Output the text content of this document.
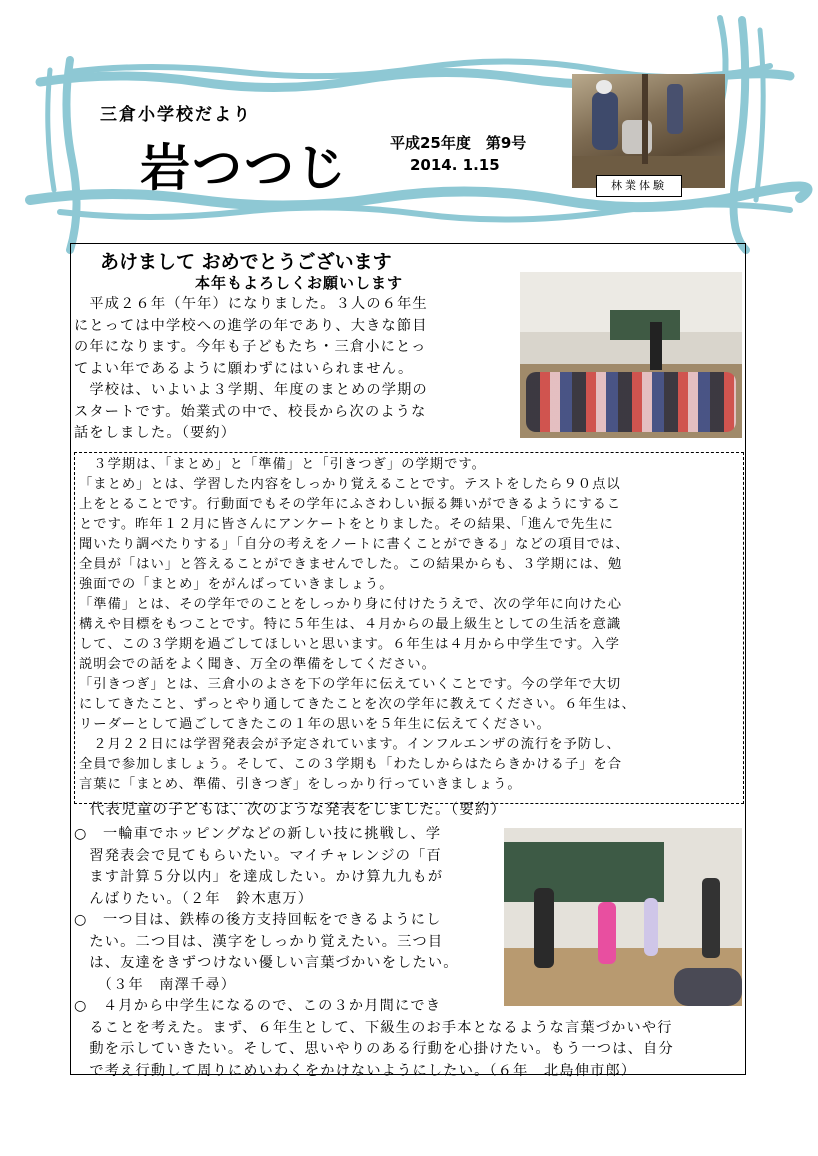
三倉小学校だより
岩つつじ	平成25年度　第9号
2014. 1.15
林業体験
あけまして おめでとうございます
本年もよろしくお願いします

　平成２６年（午年）になりました。３人の６年生

にとっては中学校への進学の年であり、大きな節目

の年になります。今年も子どもたち・三倉小にとっ

てよい年であるように願わずにはいられません。

　学校は、いよいよ３学期、年度のまとめの学期の

スタートです。始業式の中で、校長から次のような

話をしました。（要約）

　３学期は、「まとめ」と「準備」と「引きつぎ」の学期です。

「まとめ」とは、学習した内容をしっかり覚えることです。テストをしたら９０点以

上をとることです。行動面でもその学年にふさわしい振る舞いができるようにするこ

とです。昨年１２月に皆さんにアンケートをとりました。その結果、「進んで先生に

聞いたり調べたりする」「自分の考えをノートに書くことができる」などの項目では、

全員が「はい」と答えることができませんでした。この結果からも、３学期には、勉

強面での「まとめ」をがんばっていきましょう。

「準備」とは、その学年でのことをしっかり身に付けたうえで、次の学年に向けた心

構えや目標をもつことです。特に５年生は、４月からの最上級生としての生活を意識

して、この３学期を過ごしてほしいと思います。６年生は４月から中学生です。入学

説明会での話をよく聞き、万全の準備をしてください。

「引きつぎ」とは、三倉小のよさを下の学年に伝えていくことです。今の学年で大切

にしてきたこと、ずっとやり通してきたことを次の学年に教えてください。６年生は、

リーダーとして過ごしてきたこの１年の思いを５年生に伝えてください。

　２月２２日には学習発表会が予定されています。インフルエンザの流行を予防し、

全員で参加しましょう。そして、この３学期も「わたしからはたらきかける子」を合

言葉に「まとめ、準備、引きつぎ」をしっかり行っていきましょう。

　代表児童の子どもは、次のような発表をしました。（要約）

○　一輪車でホッピングなどの新しい技に挑戦し、学

　習発表会で見てもらいたい。マイチャレンジの「百

　ます計算５分以内」を達成したい。かけ算九九もが

　んばりたい。（２年　鈴木恵万）

○　一つ目は、鉄棒の後方支持回転をできるようにし

　たい。二つ目は、漢字をしっかり覚えたい。三つ目

　は、友達をきずつけない優しい言葉づかいをしたい。

　　（３年　南澤千尋）

○　４月から中学生になるので、この３か月間にでき

　ることを考えた。まず、６年生として、下級生のお手本となるような言葉づかいや行

　動を示していきたい。そして、思いやりのある行動を心掛けたい。もう一つは、自分

　で考え行動して周りにめいわくをかけないようにしたい。（６年　北島伸市郎）
